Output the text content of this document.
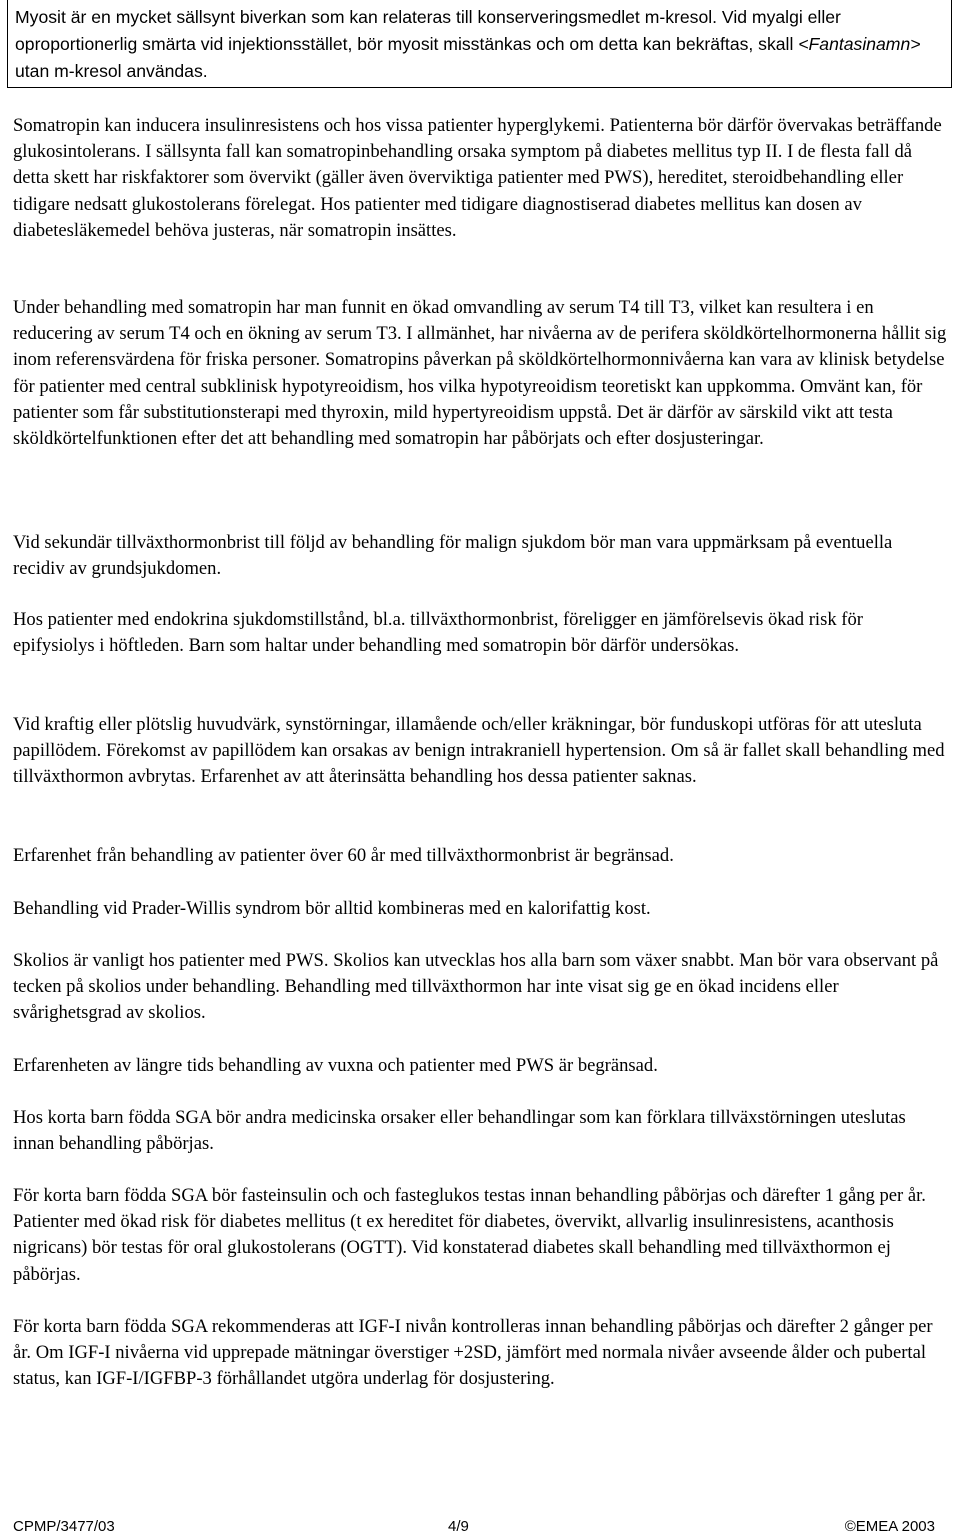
Myosit är en mycket sällsynt biverkan som kan relateras till konserveringsmedlet m-kresol. Vid myalgi eller oproportionerlig smärta vid injektionsstället, bör myosit misstänkas och om detta kan bekräftas, skall <Fantasinamn> utan m-kresol användas.

Somatropin kan inducera insulinresistens och hos vissa patienter hyperglykemi. Patienterna bör därför övervakas beträffande glukosintolerans. I sällsynta fall kan somatropinbehandling orsaka symptom på diabetes mellitus typ II. I de flesta fall då detta skett har riskfaktorer som övervikt (gäller även överviktiga patienter med PWS), hereditet, steroidbehandling eller tidigare nedsatt glukostolerans förelegat. Hos patienter med tidigare diagnostiserad diabetes mellitus kan dosen av diabetesläkemedel behöva justeras, när somatropin insättes.

Under behandling med somatropin har man funnit en ökad omvandling av serum T4 till T3, vilket kan resultera i en reducering av serum T4 och en ökning av serum T3. I allmänhet, har nivåerna av de perifera sköldkörtelhormonerna hållit sig inom referensvärdena för friska personer. Somatropins påverkan på sköldkörtelhormonnivåerna kan vara av klinisk betydelse för patienter med central subklinisk hypotyreoidism, hos vilka hypotyreoidism teoretiskt kan uppkomma. Omvänt kan, för patienter som får substitutionsterapi med thyroxin, mild hypertyreoidism uppstå. Det är därför av särskild vikt att testa sköldkörtelfunktionen efter det att behandling med somatropin har påbörjats och efter dosjusteringar.

Vid sekundär tillväxthormonbrist till följd av behandling för malign sjukdom bör man vara uppmärksam på eventuella recidiv av grundsjukdomen.

Hos patienter med endokrina sjukdomstillstånd, bl.a. tillväxthormonbrist, föreligger en jämförelsevis ökad risk för epifysiolys i höftleden. Barn som haltar under behandling med somatropin bör därför undersökas.

Vid kraftig eller plötslig huvudvärk, synstörningar, illamående och/eller kräkningar, bör funduskopi utföras för att utesluta papillödem. Förekomst av papillödem kan orsakas av benign intrakraniell hypertension. Om så är fallet skall behandling med tillväxthormon avbrytas. Erfarenhet av att återinsätta behandling hos dessa patienter saknas.

Erfarenhet från behandling av patienter över 60 år med tillväxthormonbrist är begränsad.

Behandling vid Prader-Willis syndrom bör alltid kombineras med en kalorifattig kost.

Skolios är vanligt hos patienter med PWS. Skolios kan utvecklas hos alla barn som växer snabbt. Man bör vara observant på tecken på skolios under behandling. Behandling med tillväxthormon har inte visat sig ge en ökad incidens eller svårighetsgrad av skolios.

Erfarenheten av längre tids behandling av vuxna och patienter med PWS är begränsad.

Hos korta barn födda SGA bör andra medicinska orsaker eller behandlingar som kan förklara tillväxstörningen uteslutas innan behandling påbörjas.

För korta barn födda SGA bör fasteinsulin och och fasteglukos testas innan behandling påbörjas och därefter 1 gång per år. Patienter med ökad risk för diabetes mellitus (t ex hereditet för diabetes, övervikt, allvarlig insulinresistens, acanthosis nigricans) bör testas för oral glukostolerans (OGTT). Vid konstaterad diabetes skall behandling med tillväxthormon ej påbörjas.

För korta barn födda SGA rekommenderas att IGF-I nivån kontrolleras innan behandling påbörjas och därefter 2 gånger per år. Om IGF-I nivåerna vid upprepade mätningar överstiger +2SD, jämfört med normala nivåer avseende ålder och pubertal status, kan IGF-I/IGFBP-3 förhållandet utgöra underlag för dosjustering.

CPMP/3477/03	4/9	©EMEA 2003
